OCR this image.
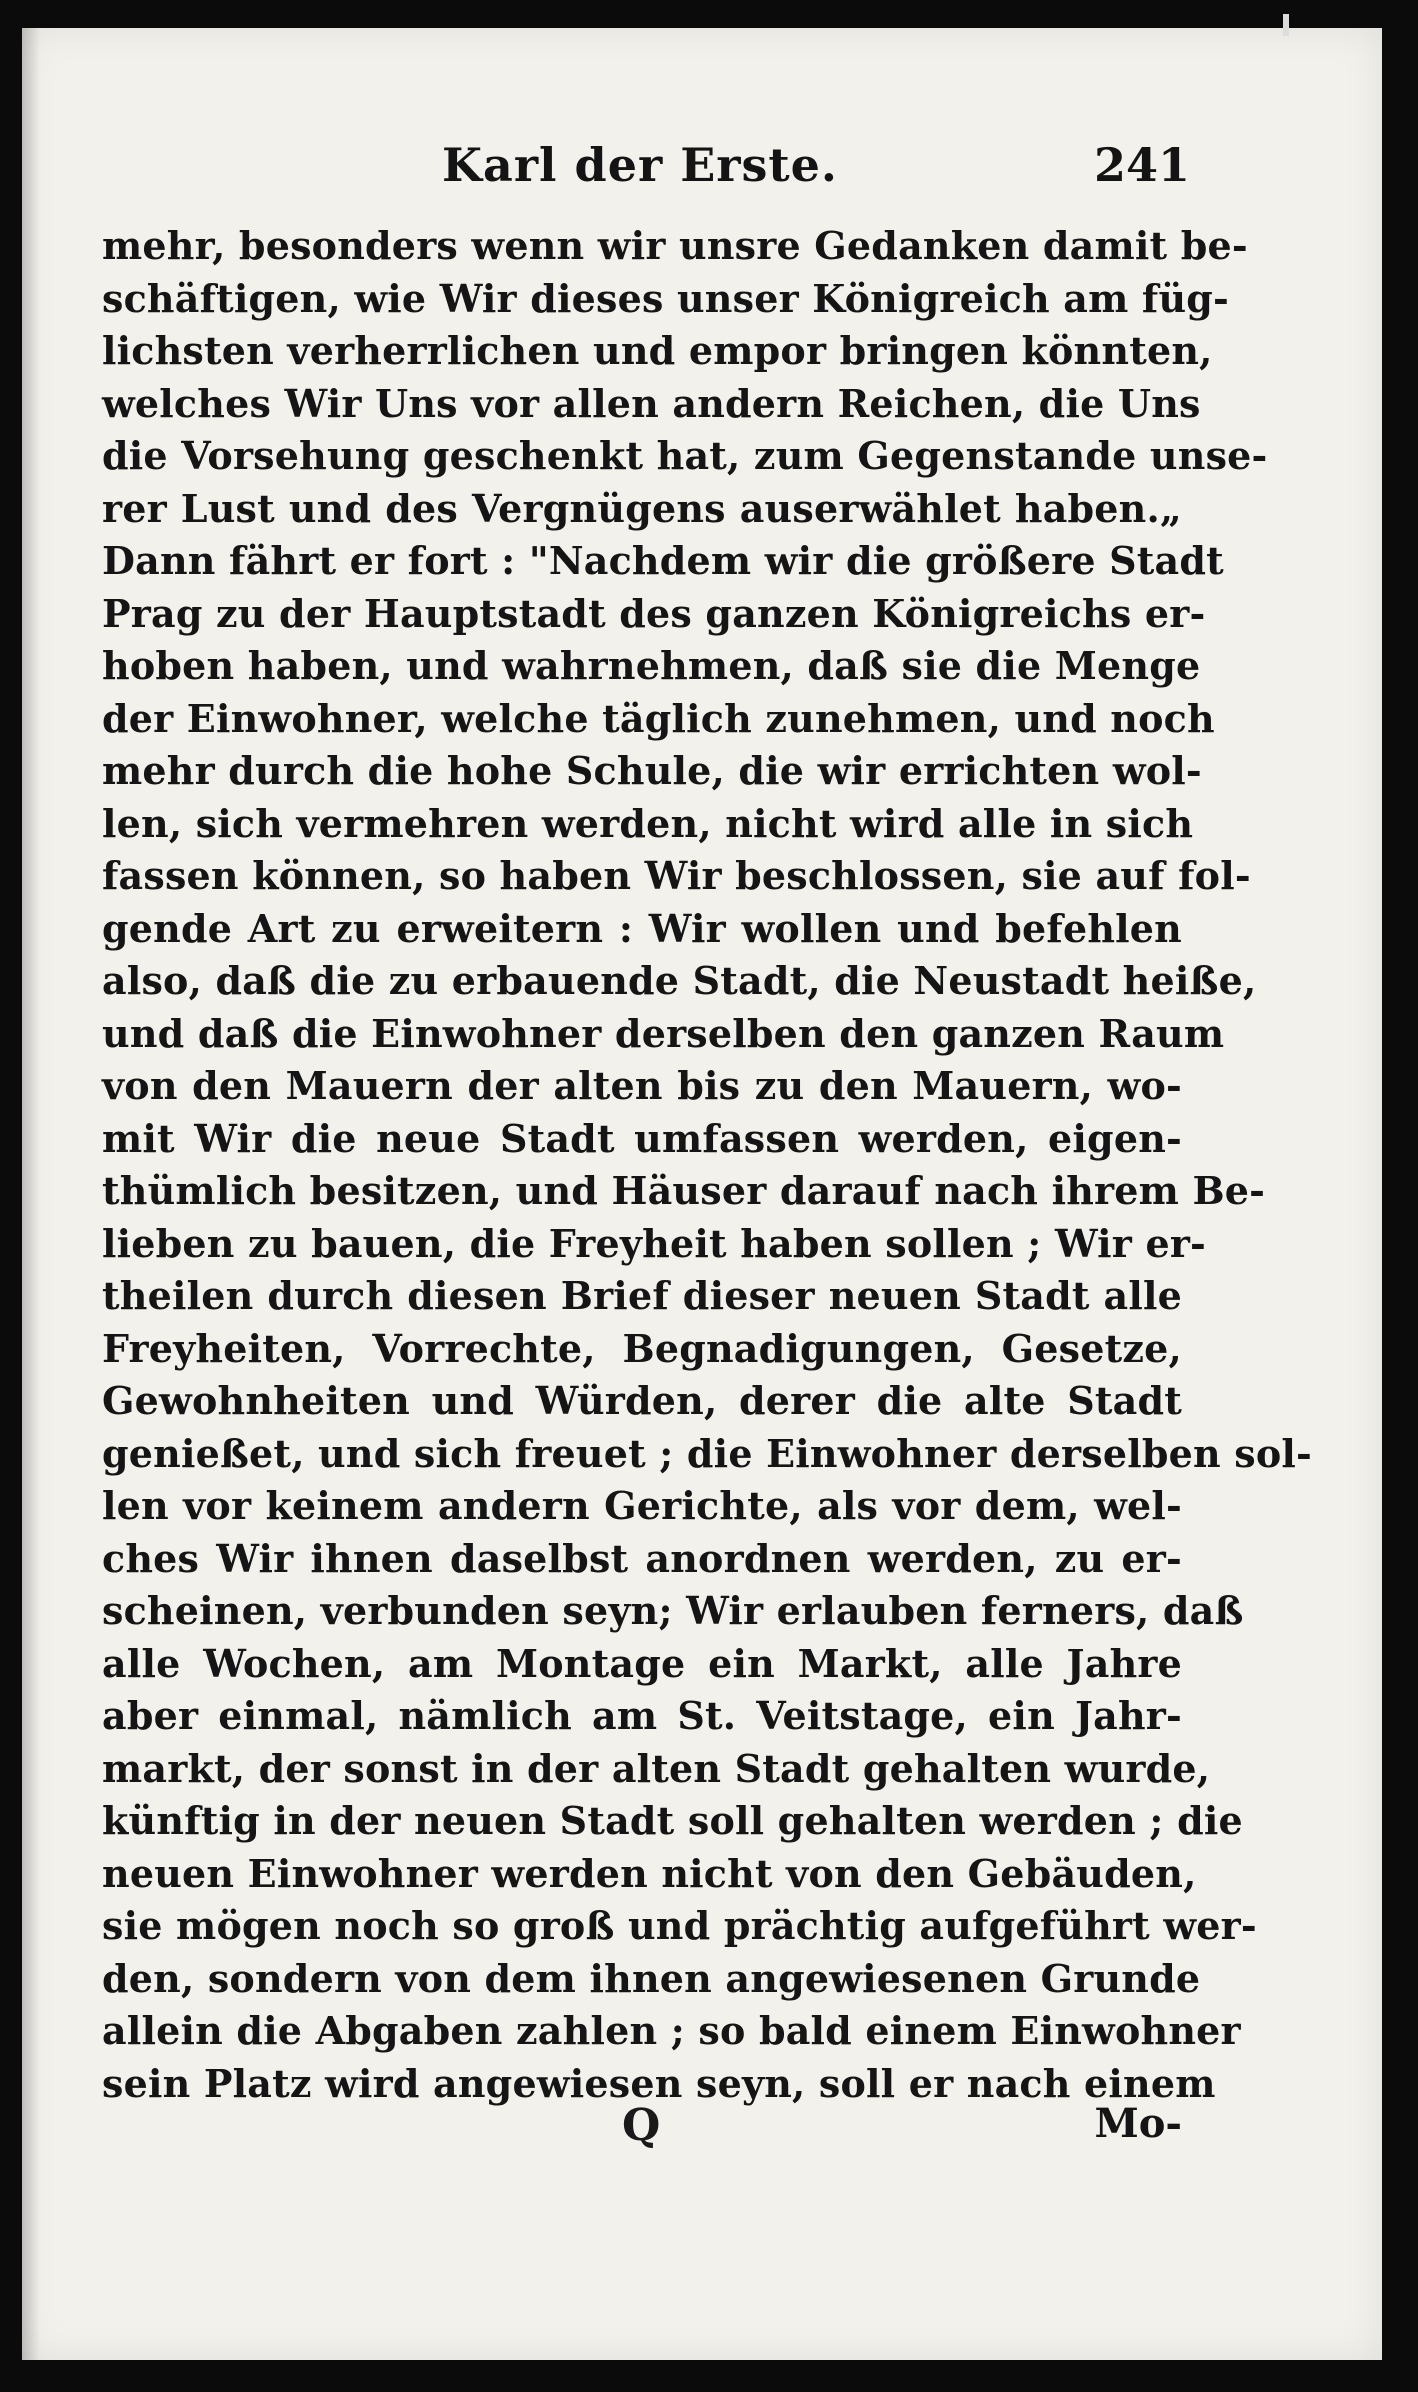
Karl der Erste.	241
mehr, besonders wenn wir unsre Gedanken damit be-
schäftigen, wie Wir dieses unser Königreich am füg-
lichsten verherrlichen und empor bringen könnten,
welches Wir Uns vor allen andern Reichen, die Uns
die Vorsehung geschenkt hat, zum Gegenstande unse-
rer Lust und des Vergnügens auserwählet haben.„
Dann fährt er fort : "Nachdem wir die größere Stadt
Prag zu der Hauptstadt des ganzen Königreichs er-
hoben haben, und wahrnehmen, daß sie die Menge
der Einwohner, welche täglich zunehmen, und noch
mehr durch die hohe Schule, die wir errichten wol-
len, sich vermehren werden, nicht wird alle in sich
fassen können, so haben Wir beschlossen, sie auf fol-
gende Art zu erweitern : Wir wollen und befehlen
also, daß die zu erbauende Stadt, die Neustadt heiße,
und daß die Einwohner derselben den ganzen Raum
von den Mauern der alten bis zu den Mauern, wo-
mit Wir die neue Stadt umfassen werden, eigen-
thümlich besitzen, und Häuser darauf nach ihrem Be-
lieben zu bauen, die Freyheit haben sollen ; Wir er-
theilen durch diesen Brief dieser neuen Stadt alle
Freyheiten, Vorrechte, Begnadigungen, Gesetze,
Gewohnheiten und Würden, derer die alte Stadt
genießet, und sich freuet ; die Einwohner derselben sol-
len vor keinem andern Gerichte, als vor dem, wel-
ches Wir ihnen daselbst anordnen werden, zu er-
scheinen, verbunden seyn; Wir erlauben ferners, daß
alle Wochen, am Montage ein Markt, alle Jahre
aber einmal, nämlich am St. Veitstage, ein Jahr-
markt, der sonst in der alten Stadt gehalten wurde,
künftig in der neuen Stadt soll gehalten werden ; die
neuen Einwohner werden nicht von den Gebäuden,
sie mögen noch so groß und prächtig aufgeführt wer-
den, sondern von dem ihnen angewiesenen Grunde
allein die Abgaben zahlen ; so bald einem Einwohner
sein Platz wird angewiesen seyn, soll er nach einem
Q	Mo-
